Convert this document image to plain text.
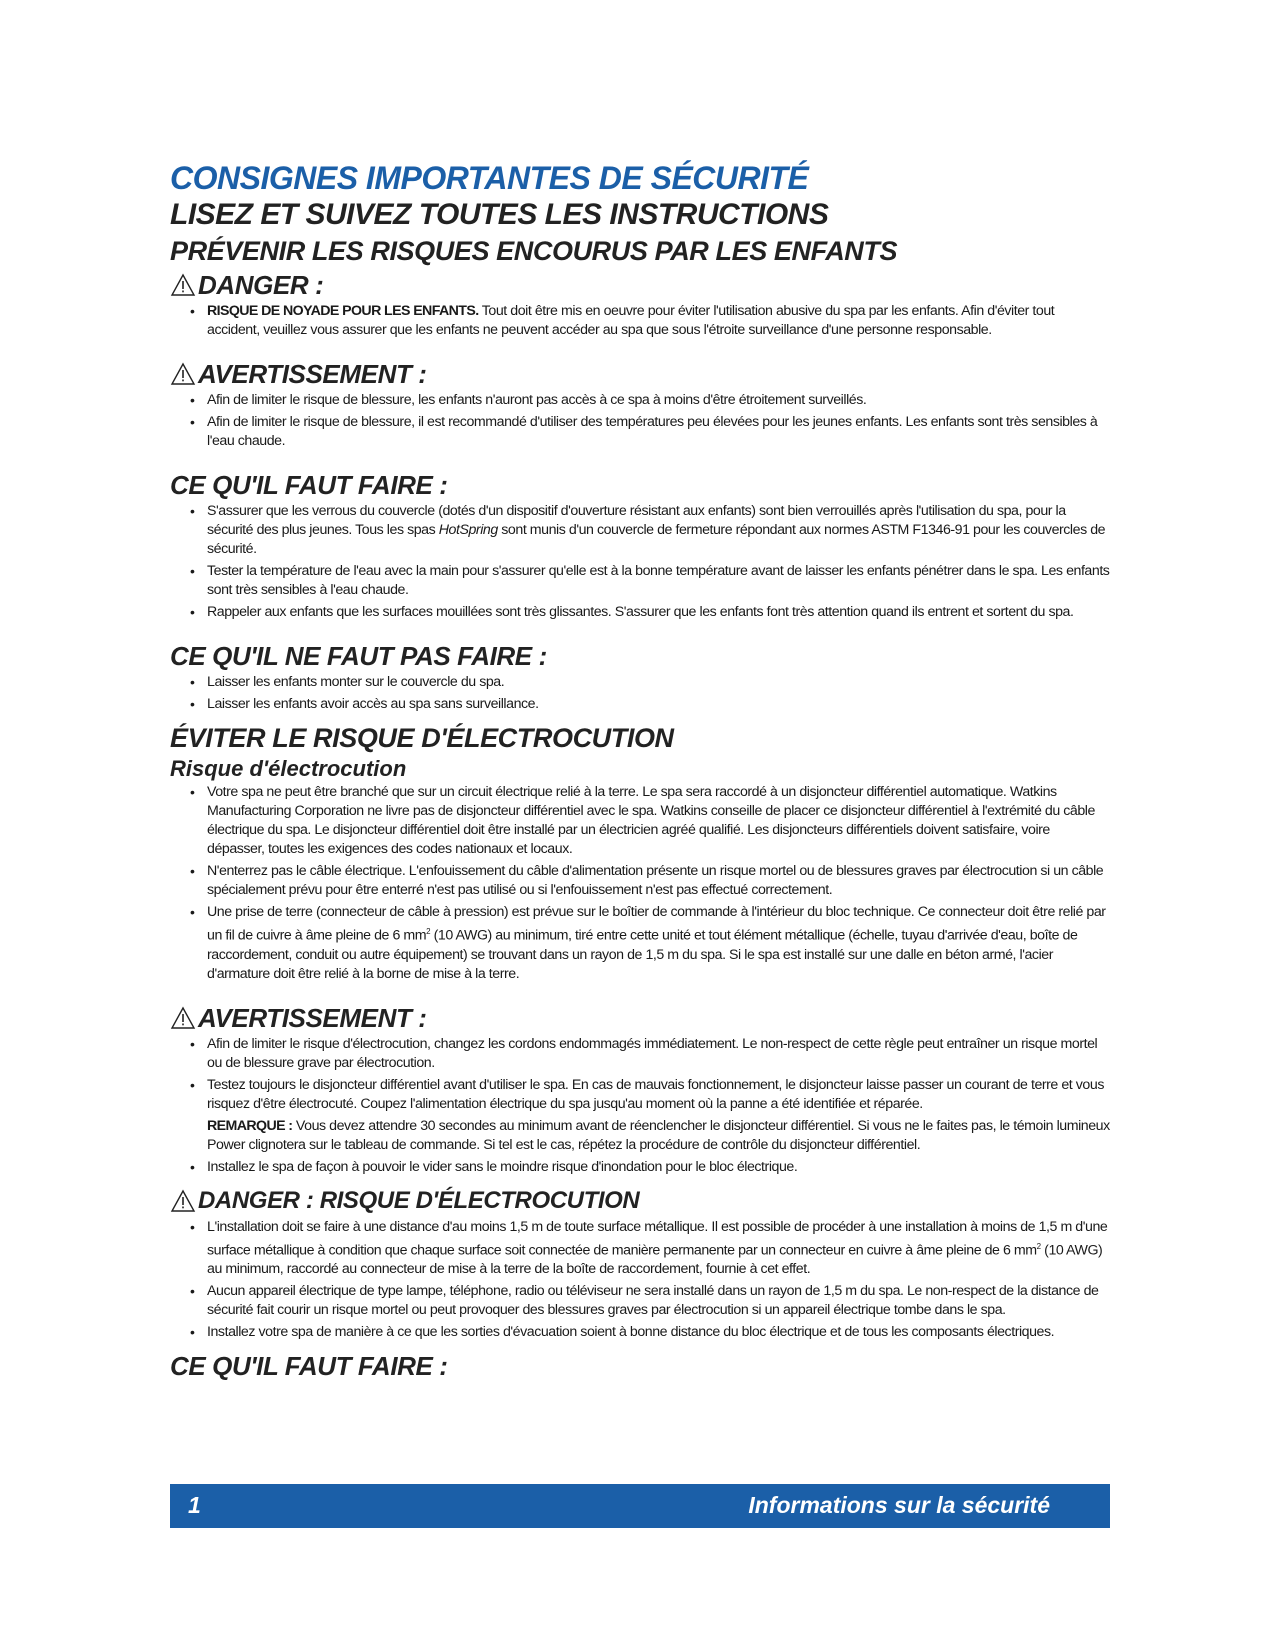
CONSIGNES IMPORTANTES DE SÉCURITÉ
LISEZ ET SUIVEZ TOUTES LES INSTRUCTIONS
PRÉVENIR LES RISQUES ENCOURUS PAR LES ENFANTS
DANGER :
• RISQUE DE NOYADE POUR LES ENFANTS. Tout doit être mis en oeuvre pour éviter l'utilisation abusive du spa par les enfants. Afin d'éviter tout accident, veuillez vous assurer que les enfants ne peuvent accéder au spa que sous l'étroite surveillance d'une personne responsable.
AVERTISSEMENT :
• Afin de limiter le risque de blessure, les enfants n'auront pas accès à ce spa à moins d'être étroitement surveillés.
• Afin de limiter le risque de blessure, il est recommandé d'utiliser des températures peu élevées pour les jeunes enfants. Les enfants sont très sensibles à l'eau chaude.
CE QU'IL FAUT FAIRE :
• S'assurer que les verrous du couvercle (dotés d'un dispositif d'ouverture résistant aux enfants) sont bien verrouillés après l'utilisation du spa, pour la sécurité des plus jeunes. Tous les spas HotSpring sont munis d'un couvercle de fermeture répondant aux normes ASTM F1346-91 pour les couvercles de sécurité.
• Tester la température de l'eau avec la main pour s'assurer qu'elle est à la bonne température avant de laisser les enfants pénétrer dans le spa. Les enfants sont très sensibles à l'eau chaude.
• Rappeler aux enfants que les surfaces mouillées sont très glissantes. S'assurer que les enfants font très attention quand ils entrent et sortent du spa.
CE QU'IL NE FAUT PAS FAIRE :
• Laisser les enfants monter sur le couvercle du spa.
• Laisser les enfants avoir accès au spa sans surveillance.
ÉVITER LE RISQUE D'ÉLECTROCUTION
Risque d'électrocution
• Votre spa ne peut être branché que sur un circuit électrique relié à la terre. Le spa sera raccordé à un disjoncteur différentiel automatique. Watkins Manufacturing Corporation ne livre pas de disjoncteur différentiel avec le spa. Watkins conseille de placer ce disjoncteur différentiel à l'extrémité du câble électrique du spa. Le disjoncteur différentiel doit être installé par un électricien agréé qualifié. Les disjoncteurs différentiels doivent satisfaire, voire dépasser, toutes les exigences des codes nationaux et locaux.
• N'enterrez pas le câble électrique. L'enfouissement du câble d'alimentation présente un risque mortel ou de blessures graves par électrocution si un câble spécialement prévu pour être enterré n'est pas utilisé ou si l'enfouissement n'est pas effectué correctement.
• Une prise de terre (connecteur de câble à pression) est prévue sur le boîtier de commande à l'intérieur du bloc technique. Ce connecteur doit être relié par un fil de cuivre à âme pleine de 6 $mm^2$ (10 AWG) au minimum, tiré entre cette unité et tout élément métallique (échelle, tuyau d'arrivée d'eau, boîte de raccordement, conduit ou autre équipement) se trouvant dans un rayon de 1,5 m du spa. Si le spa est installé sur une dalle en béton armé, l'acier d'armature doit être relié à la borne de mise à la terre.
AVERTISSEMENT :
• Afin de limiter le risque d'électrocution, changez les cordons endommagés immédiatement. Le non-respect de cette règle peut entraîner un risque mortel ou de blessure grave par électrocution.
• Testez toujours le disjoncteur différentiel avant d'utiliser le spa. En cas de mauvais fonctionnement, le disjoncteur laisse passer un courant de terre et vous risquez d'être électrocuté. Coupez l'alimentation électrique du spa jusqu'au moment où la panne a été identifiée et réparée.
REMARQUE : Vous devez attendre 30 secondes au minimum avant de réenclencher le disjoncteur différentiel. Si vous ne le faites pas, le témoin lumineux Power clignotera sur le tableau de commande. Si tel est le cas, répétez la procédure de contrôle du disjoncteur différentiel.
• Installez le spa de façon à pouvoir le vider sans le moindre risque d'inondation pour le bloc électrique.
DANGER : RISQUE D'ÉLECTROCUTION
• L'installation doit se faire à une distance d'au moins 1,5 m de toute surface métallique. Il est possible de procéder à une installation à moins de 1,5 m d'une surface métallique à condition que chaque surface soit connectée de manière permanente par un connecteur en cuivre à âme pleine de 6 $mm^2$ (10 AWG) au minimum, raccordé au connecteur de mise à la terre de la boîte de raccordement, fournie à cet effet.
• Aucun appareil électrique de type lampe, téléphone, radio ou téléviseur ne sera installé dans un rayon de 1,5 m du spa. Le non-respect de la distance de sécurité fait courir un risque mortel ou peut provoquer des blessures graves par électrocution si un appareil électrique tombe dans le spa.
• Installez votre spa de manière à ce que les sorties d'évacuation soient à bonne distance du bloc électrique et de tous les composants électriques.
CE QU'IL FAUT FAIRE :
1	Informations sur la sécurité
